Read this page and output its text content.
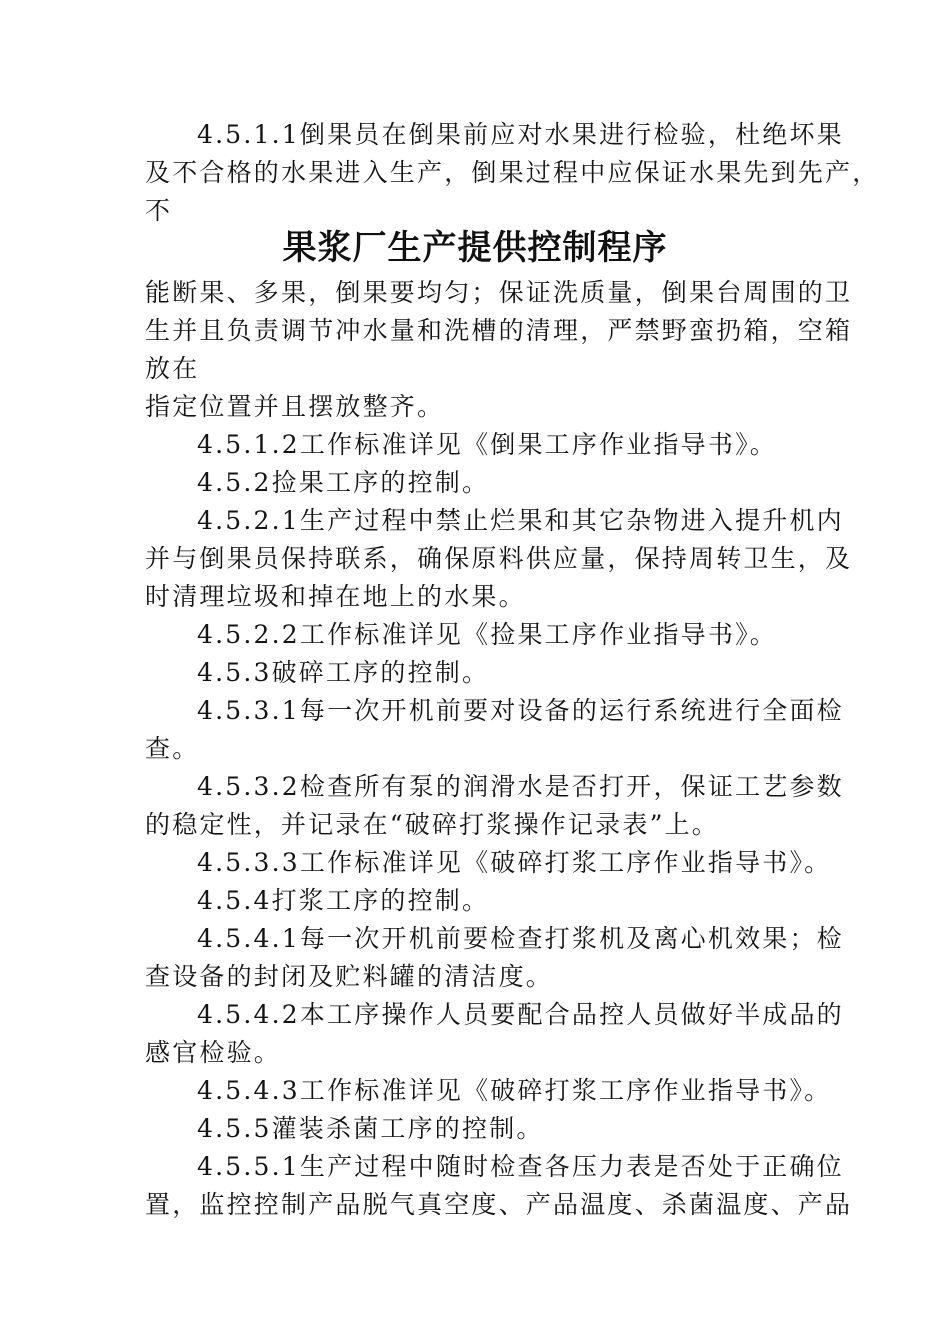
4.5.1.1倒果员在倒果前应对水果进行检验，杜绝坏果
及不合格的水果进入生产，倒果过程中应保证水果先到先产，
不
果浆厂生产提供控制程序
能断果、多果，倒果要均匀；保证洗质量，倒果台周围的卫
生并且负责调节冲水量和洗槽的清理，严禁野蛮扔箱，空箱
放在
指定位置并且摆放整齐。
4.5.1.2工作标准详见《倒果工序作业指导书》。
4.5.2捡果工序的控制。
4.5.2.1生产过程中禁止烂果和其它杂物进入提升机内
并与倒果员保持联系，确保原料供应量，保持周转卫生，及
时清理垃圾和掉在地上的水果。
4.5.2.2工作标准详见《捡果工序作业指导书》。
4.5.3破碎工序的控制。
4.5.3.1每一次开机前要对设备的运行系统进行全面检
查。
4.5.3.2检查所有泵的润滑水是否打开，保证工艺参数
的稳定性，并记录在“破碎打浆操作记录表”上。
4.5.3.3工作标准详见《破碎打浆工序作业指导书》。
4.5.4打浆工序的控制。
4.5.4.1每一次开机前要检查打浆机及离心机效果；检
查设备的封闭及贮料罐的清洁度。
4.5.4.2本工序操作人员要配合品控人员做好半成品的
感官检验。
4.5.4.3工作标准详见《破碎打浆工序作业指导书》。
4.5.5灌装杀菌工序的控制。
4.5.5.1生产过程中随时检查各压力表是否处于正确位
置，监控控制产品脱气真空度、产品温度、杀菌温度、产品
